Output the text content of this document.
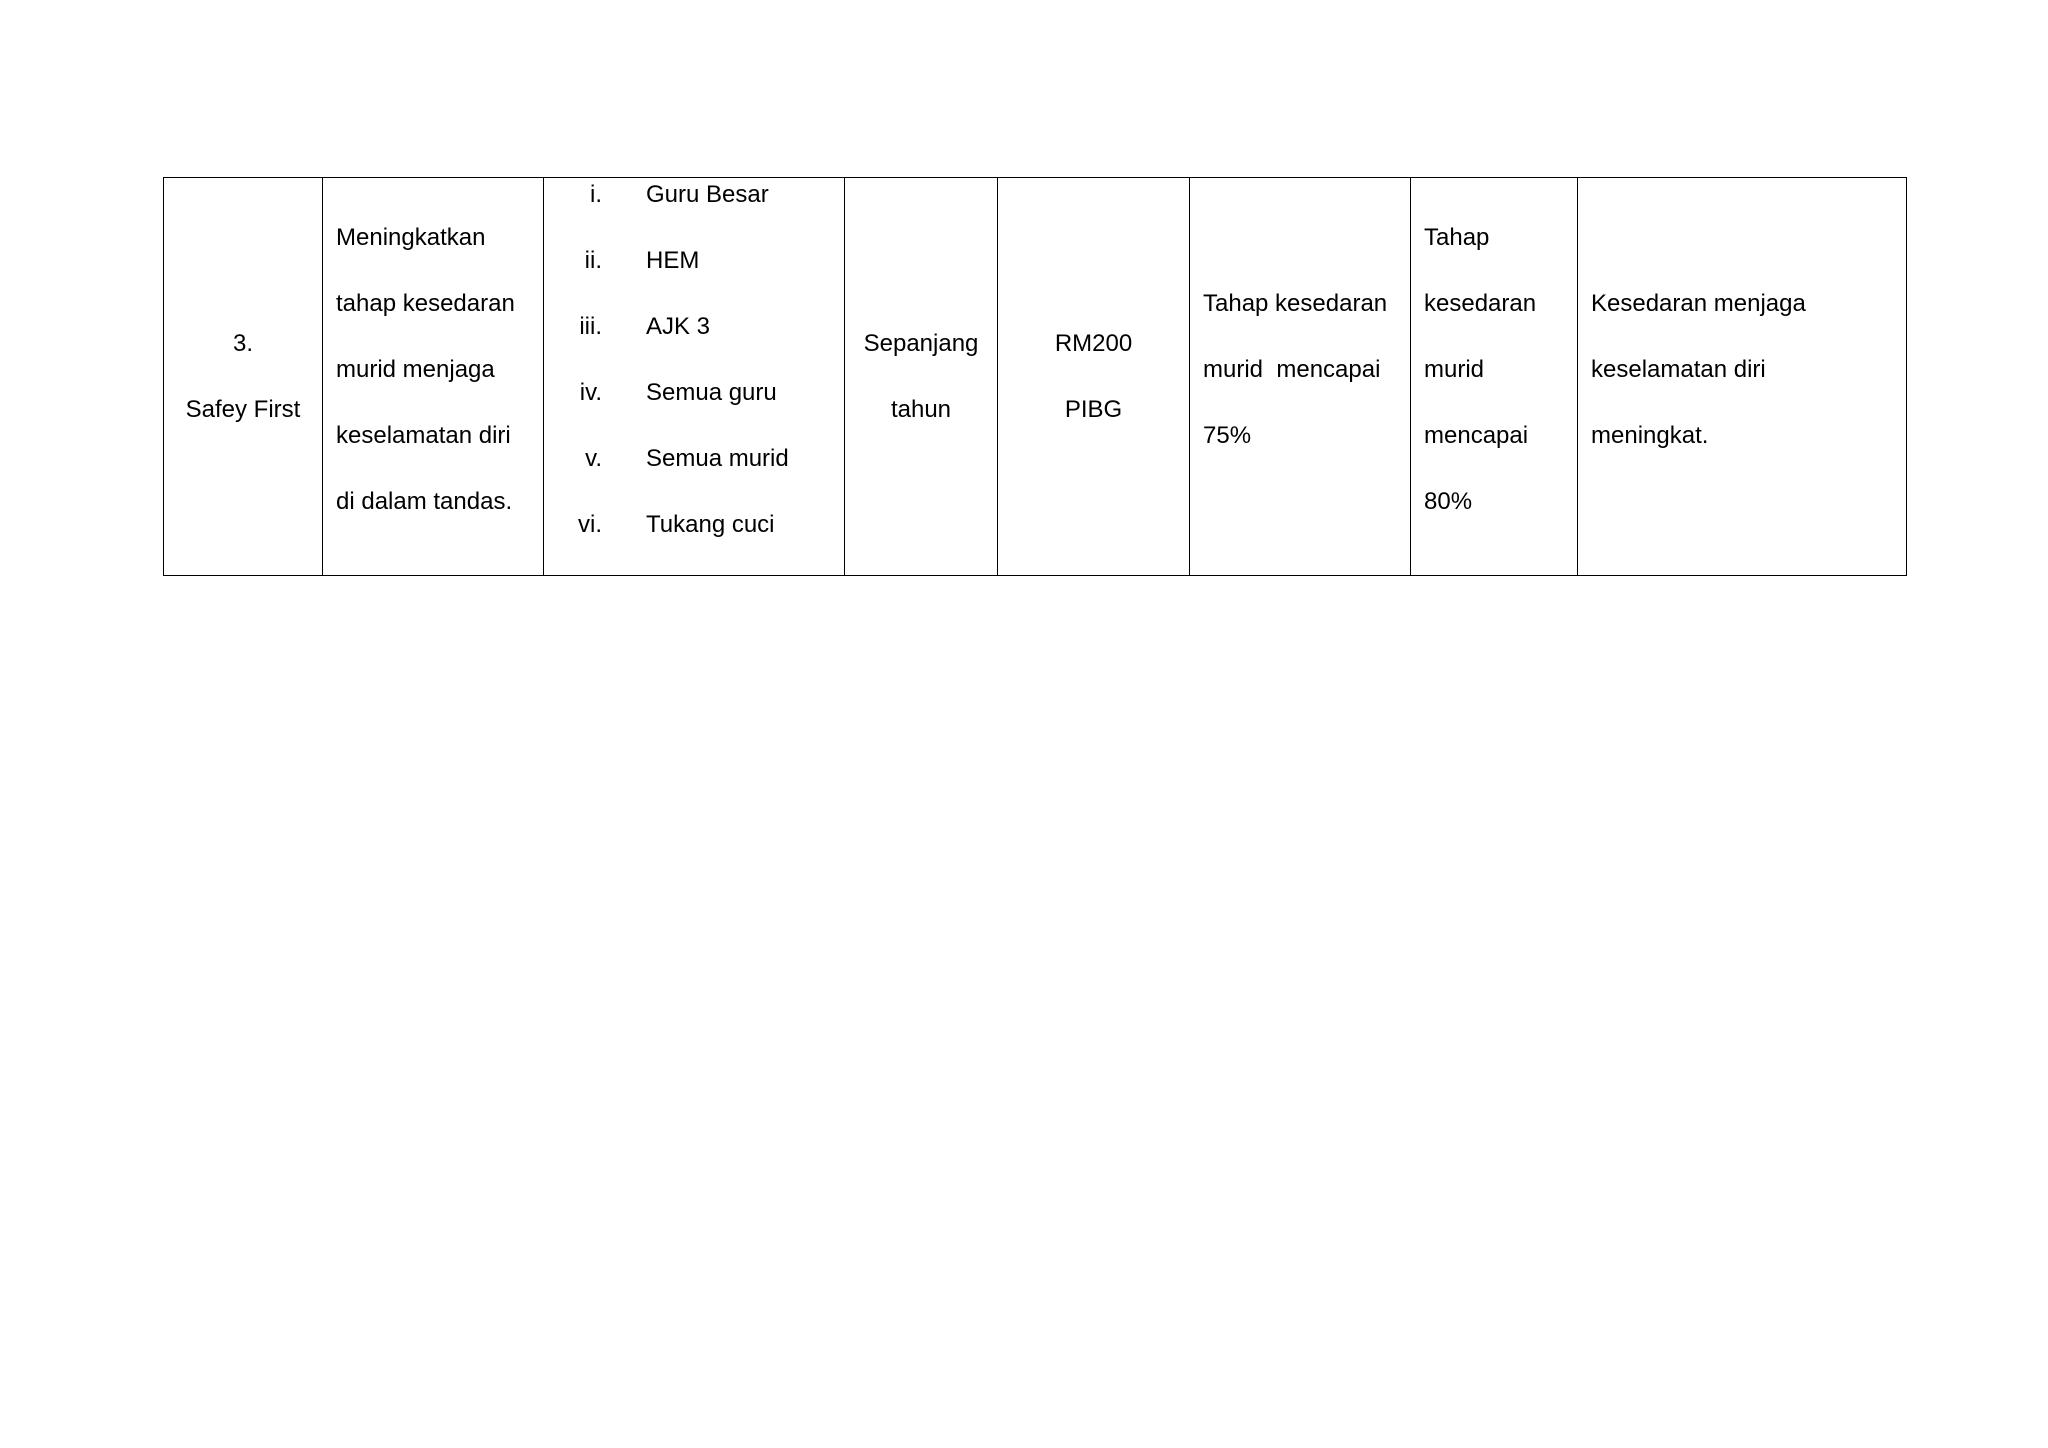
3.
Safey First

Meningkatkan
tahap kesedaran
murid menjaga
keselamatan diri
di dalam tandas.

i.	Guru Besar
ii.	HEM
iii.	AJK 3
iv.	Semua guru
v.	Semua murid
vi.	Tukang cuci

Sepanjang
tahun

RM200
PIBG

Tahap kesedaran
murid  mencapai
75%

Tahap
kesedaran
murid
mencapai
80%

Kesedaran menjaga
keselamatan diri
meningkat.
